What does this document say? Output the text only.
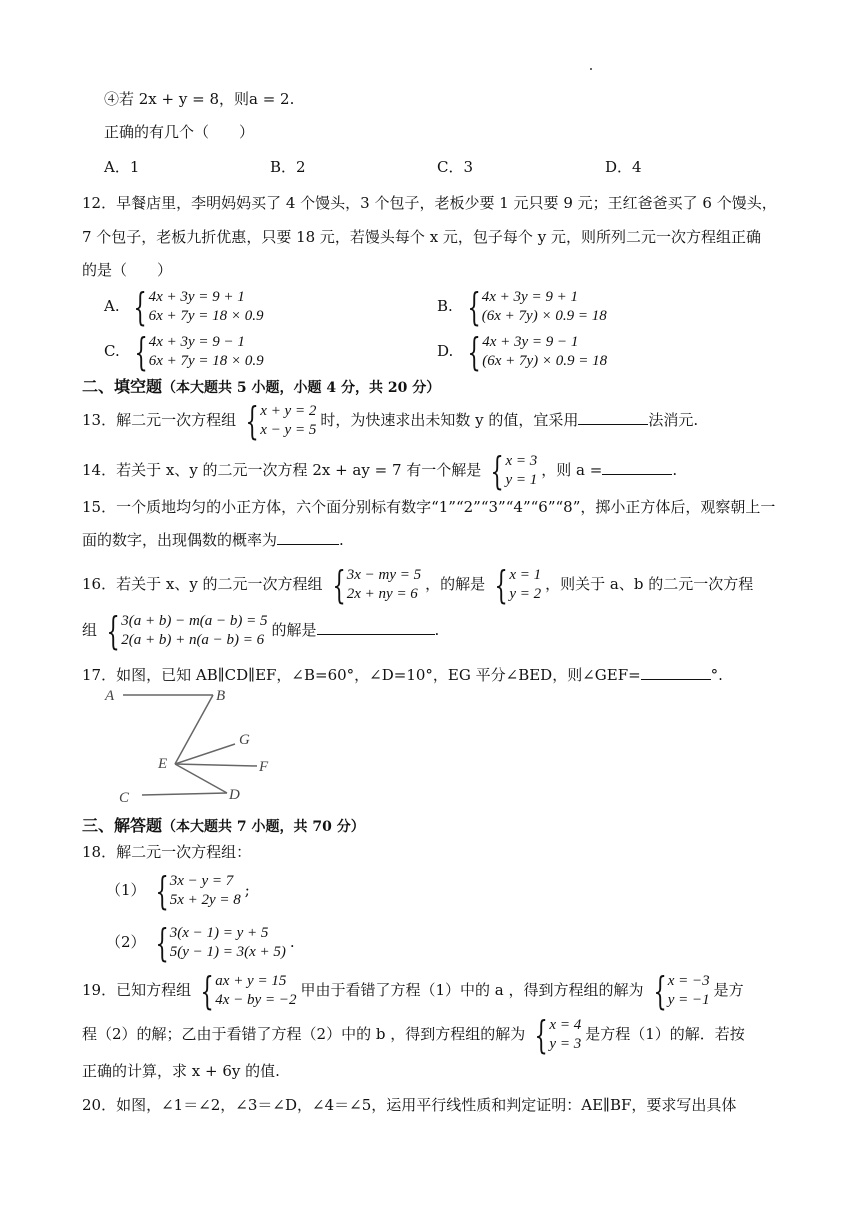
④若 2x + y = 8，则a = 2.
正确的有几个（　　）
A．1	B．2	C．3	D．4
12．早餐店里，李明妈妈买了 4 个馒头，3 个包子，老板少要 1 元只要 9 元；王红爸爸买了 6 个馒头，
7 个包子，老板九折优惠，只要 18 元，若馒头每个 x 元，包子每个 y 元，则所列二元一次方程组正确
的是（　　）
A. { 4x + 3y = 9 + 1
6x + 7y = 18 × 0.9
B. { 4x + 3y = 9 + 1
(6x + 7y) × 0.9 = 18
C. { 4x + 3y = 9 − 1
6x + 7y = 18 × 0.9
D. { 4x + 3y = 9 − 1
(6x + 7y) × 0.9 = 18
二、填空题（本大题共 5 小题，小题 4 分，共 20 分）
13．解二元一次方程组 { x + y = 2
x − y = 5
时，为快速求出未知数 y 的值，宜采用	法消元.
14．若关于 x、y 的二元一次方程 2x + ay = 7 有一个解是 { x = 3
y = 1
，则 a =	.
15．一个质地均匀的小正方体，六个面分别标有数字“1”“2”“3”“4”“6”“8”，掷小正方体后，观察朝上一
面的数字，出现偶数的概率为	.
16．若关于 x、y 的二元一次方程组 { 3x − my = 5
2x + ny = 6
，的解是 { x = 1
y = 2
，则关于 a、b 的二元一次方程
组 { 3(a + b) − m(a − b) = 5
2(a + b) + n(a − b) = 6
的解是	.
17．如图，已知 AB∥CD∥EF，∠B=60°，∠D=10°，EG 平分∠BED，则∠GEF=	°.
A	B
G
E	F
C	D
三、解答题（本大题共 7 小题，共 70 分）
18．解二元一次方程组：
（1） { 3x − y = 7
5x + 2y = 8
;
（2） { 3(x − 1) = y + 5
5(y − 1) = 3(x + 5)
.
19．已知方程组 { ax + y = 15
4x − by = −2
甲由于看错了方程（1）中的 a ，得到方程组的解为 { x = −3
y = −1
是方
程（2）的解；乙由于看错了方程（2）中的 b ，得到方程组的解为 { x = 4
y = 3
是方程（1）的解．若按
正确的计算，求 x + 6y 的值.
20．如图，∠1＝∠2，∠3＝∠D，∠4＝∠5，运用平行线性质和判定证明：AE∥BF，要求写出具体
